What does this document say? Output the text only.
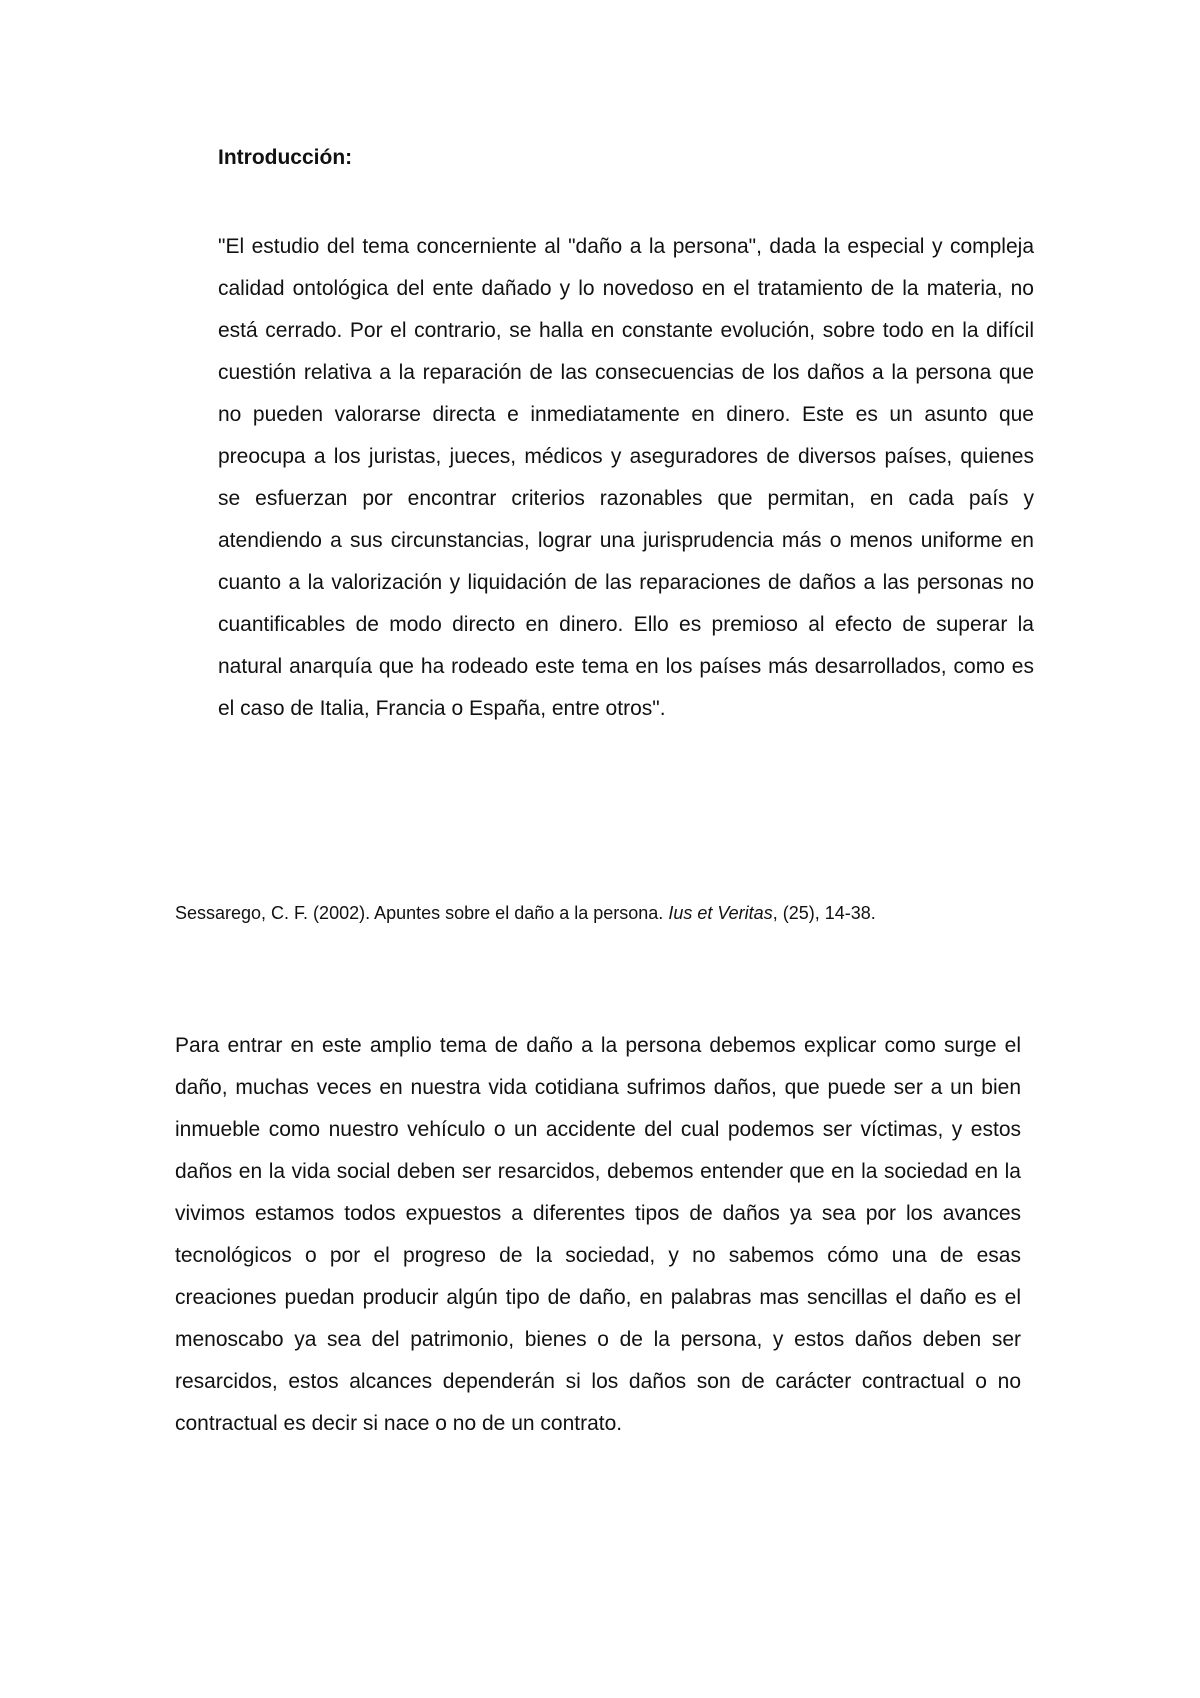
Introducción:

"El estudio del tema concerniente al "daño a la persona", dada la especial y compleja calidad ontológica del ente dañado y lo novedoso en el tratamiento de la materia, no está cerrado. Por el contrario, se halla en constante evolución, sobre todo en la difícil cuestión relativa a la reparación de las consecuencias de los daños a la persona que no pueden valorarse directa e inmediatamente en dinero. Este es un asunto que preocupa a los juristas, jueces, médicos y aseguradores de diversos países, quienes se esfuerzan por encontrar criterios razonables que permitan, en cada país y atendiendo a sus circunstancias, lograr una jurisprudencia más o menos uniforme en cuanto a la valorización y liquidación de las reparaciones de daños a las personas no cuantificables de modo directo en dinero. Ello es premioso al efecto de superar la natural anarquía que ha rodeado este tema en los países más desarrollados, como es el caso de Italia, Francia o España, entre otros".

Sessarego, C. F. (2002). Apuntes sobre el daño a la persona. Ius et Veritas, (25), 14-38.

Para entrar en este amplio tema de daño a la persona debemos explicar como surge el daño, muchas veces en nuestra vida cotidiana sufrimos daños, que puede ser a un bien inmueble como nuestro vehículo o un accidente del cual podemos ser víctimas, y estos daños en la vida social deben ser resarcidos, debemos entender que en la sociedad en la vivimos estamos todos expuestos a diferentes tipos de daños ya sea por los avances tecnológicos o por el progreso de la sociedad, y no sabemos cómo una de esas creaciones puedan producir algún tipo de daño, en palabras mas sencillas el daño es el menoscabo ya sea del patrimonio, bienes o de la persona, y estos daños deben ser resarcidos, estos alcances dependerán si los daños son de carácter contractual o no contractual es decir si nace o no de un contrato.
